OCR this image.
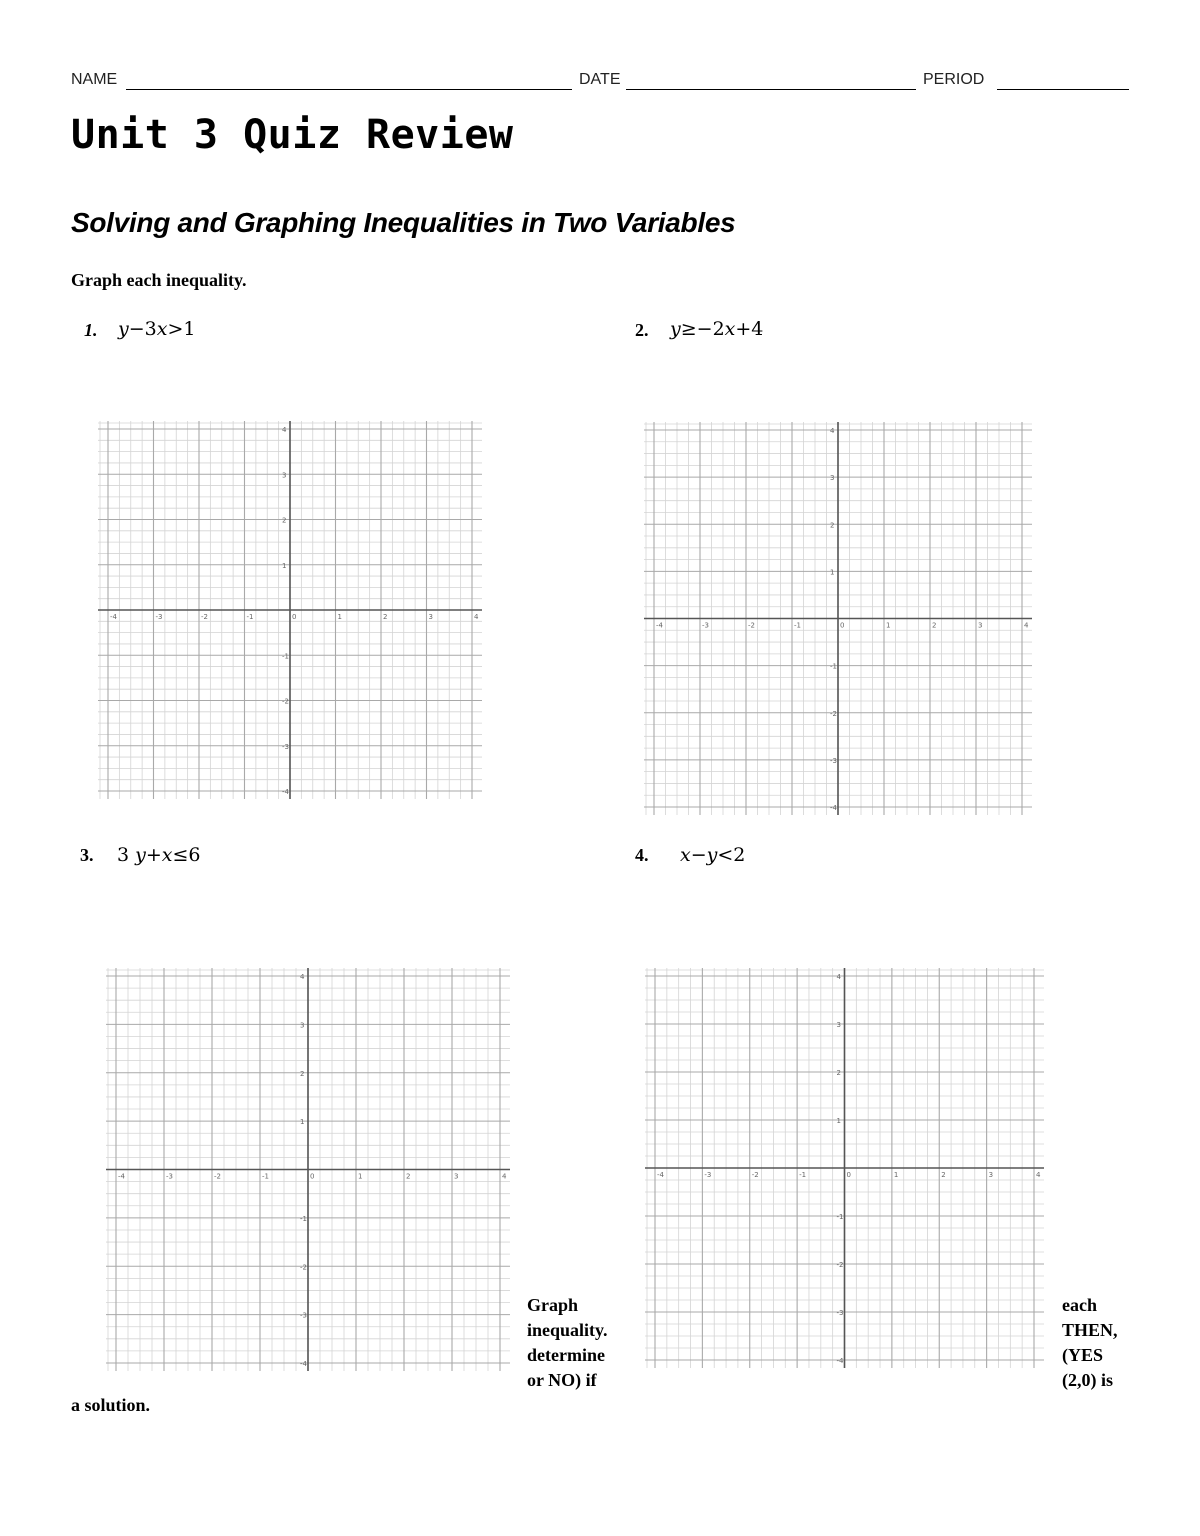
NAME	DATE	PERIOD
Unit 3 Quiz Review
Solving and Graphing Inequalities in Two Variables
Graph each inequality.
1. y−3x>1	2. y≥−2x+4
3. 3 y+x≤6	4. x−y<2
-4	-3	-2	-1	0	1	2	3	4
4
3
2
1
-1
-2
-3
-4
-4	-3	-2	-1	0	1	2	3	4
4
3
2
1
-1
-2
-3
-4
-4	-3	-2	-1	0	1	2	3	4
4
3
2
1
-1
-2
-3
-4
-4	-3	-2	-1	0	1	2	3	4
4
3
2
1
-1
-2
-3
-4
Graph
inequality.
determine
or NO) if
each
THEN,
(YES
(2,0) is
a solution.
